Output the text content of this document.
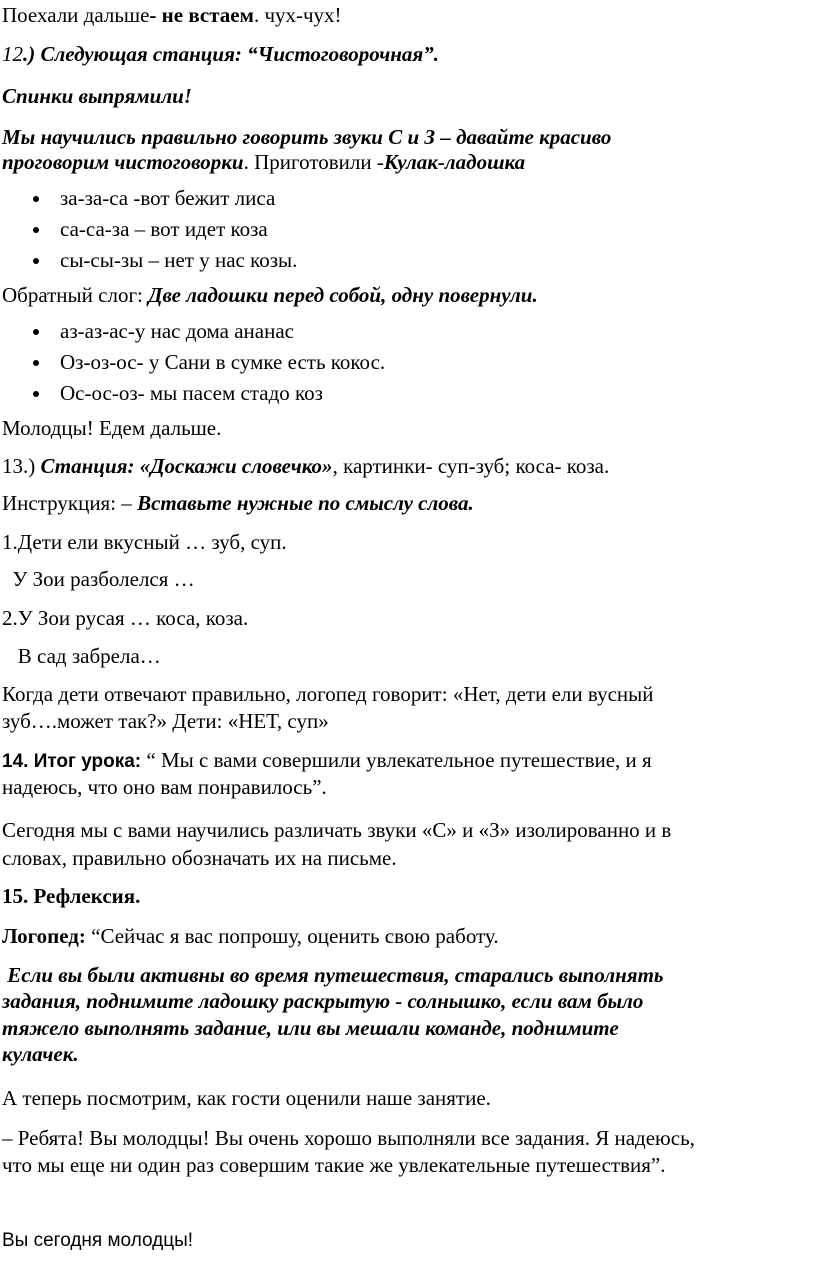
Поехали дальше- не встаем. чух-чух!
12.) Следующая станция: “Чистоговорочная”.
Спинки выпрямили!
Мы научились правильно говорить звуки С и З – давайте красиво
проговорим чистоговорки. Приготовили -Кулак-ладошка
за-за-са -вот бежит лиса
са-са-за – вот идет коза
сы-сы-зы – нет у нас козы.
Обратный слог: Две ладошки перед собой, одну повернули.
аз-аз-ас-у нас дома ананас
Оз-оз-ос- у Сани в сумке есть кокос.
Ос-ос-оз- мы пасем стадо коз
Молодцы! Едем дальше.
13.) Станция: «Доскажи словечко», картинки- суп-зуб; коса- коза.
Инструкция: – Вставьте нужные по смыслу слова.
1.Дети ели вкусный … зуб, суп.
У Зои разболелся …
2.У Зои русая … коса, коза.
В сад забрела…
Когда дети отвечают правильно, логопед говорит: «Нет, дети ели вусный
зуб….может так?» Дети: «НЕТ, суп»
14. Итог урока: “ Мы с вами совершили увлекательное путешествие, и я
надеюсь, что оно вам понравилось”.
Сегодня мы с вами научились различать звуки «С» и «З» изолированно и в
словах, правильно обозначать их на письме.
15. Рефлексия.
Логопед: “Сейчас я вас попрошу, оценить свою работу.
Если вы были активны во время путешествия, старались выполнять
задания, поднимите ладошку раскрытую - солнышко, если вам было
тяжело выполнять задание, или вы мешали команде, поднимите
кулачек.
А теперь посмотрим, как гости оценили наше занятие.
– Ребята! Вы молодцы! Вы очень хорошо выполняли все задания. Я надеюсь,
что мы еще ни один раз совершим такие же увлекательные путешествия”.
Вы сегодня молодцы!
